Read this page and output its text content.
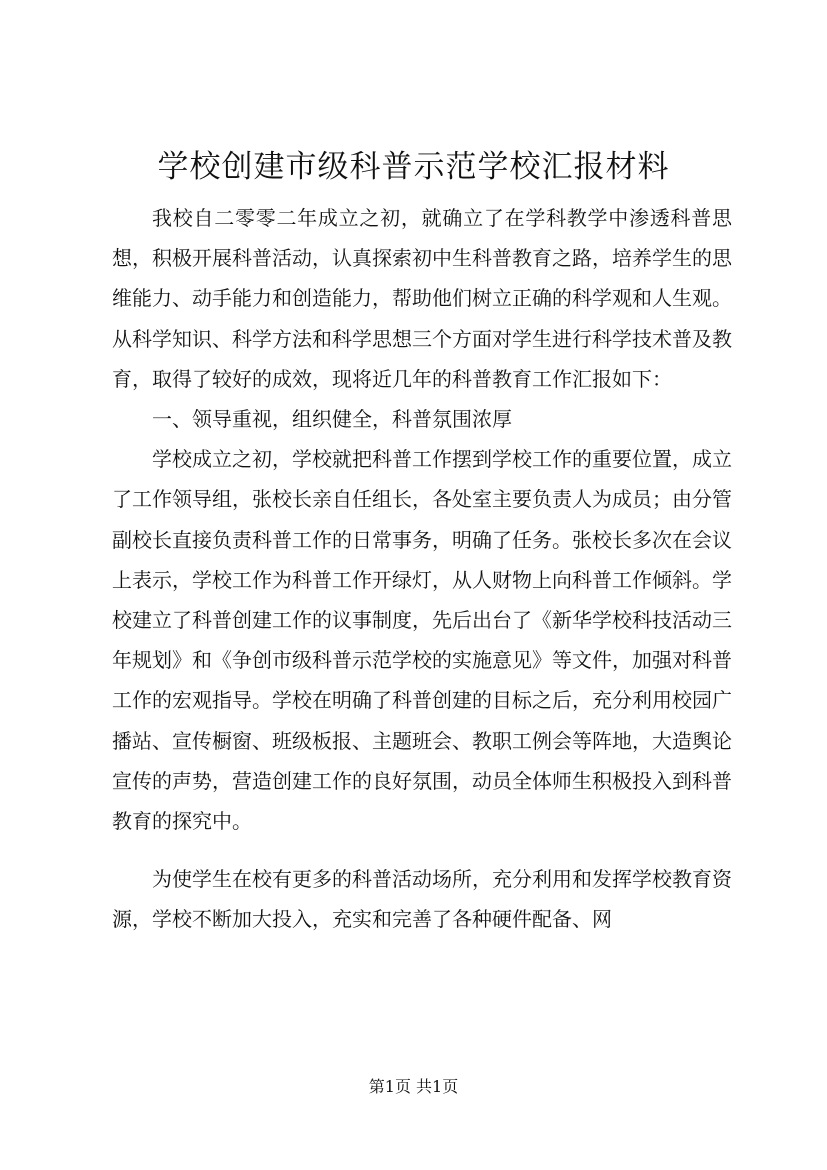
学校创建市级科普示范学校汇报材料

我校自二零零二年成立之初，就确立了在学科教学中渗透科普思想，积极开展科普活动，认真探索初中生科普教育之路，培养学生的思维能力、动手能力和创造能力，帮助他们树立正确的科学观和人生观。从科学知识、科学方法和科学思想三个方面对学生进行科学技术普及教育，取得了较好的成效，现将近几年的科普教育工作汇报如下：

一、领导重视，组织健全，科普氛围浓厚

学校成立之初，学校就把科普工作摆到学校工作的重要位置，成立了工作领导组，张校长亲自任组长，各处室主要负责人为成员；由分管副校长直接负责科普工作的日常事务，明确了任务。张校长多次在会议上表示，学校工作为科普工作开绿灯，从人财物上向科普工作倾斜。学校建立了科普创建工作的议事制度，先后出台了《新华学校科技活动三年规划》和《争创市级科普示范学校的实施意见》等文件，加强对科普工作的宏观指导。学校在明确了科普创建的目标之后，充分利用校园广播站、宣传橱窗、班级板报、主题班会、教职工例会等阵地，大造舆论宣传的声势，营造创建工作的良好氛围，动员全体师生积极投入到科普教育的探究中。

为使学生在校有更多的科普活动场所，充分利用和发挥学校教育资源，学校不断加大投入，充实和完善了各种硬件配备、网

第1页 共1页
